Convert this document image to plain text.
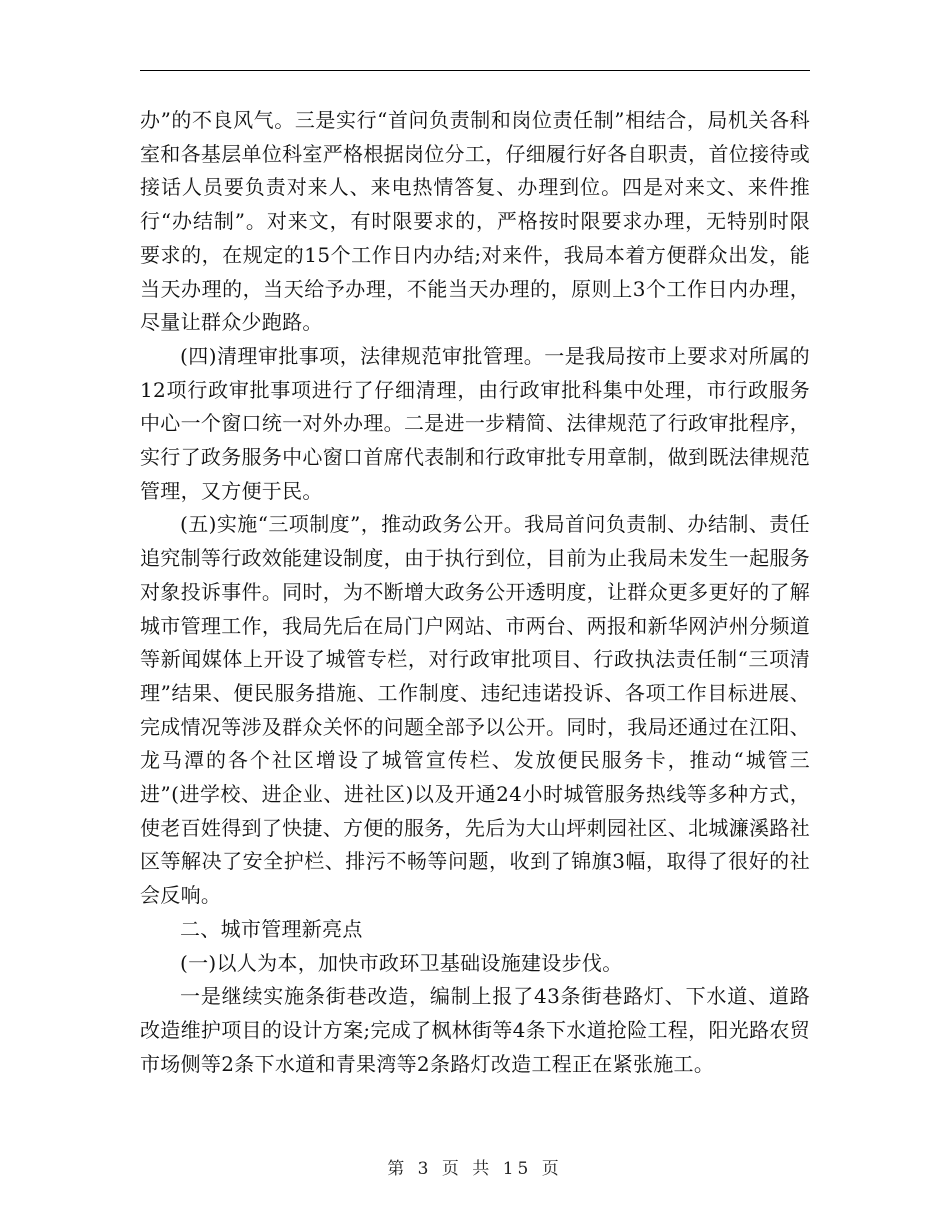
办”的不良风气。三是实行“首问负责制和岗位责任制”相结合，局机关各科室和各基层单位科室严格根据岗位分工，仔细履行好各自职责，首位接待或接话人员要负责对来人、来电热情答复、办理到位。四是对来文、来件推行“办结制”。对来文，有时限要求的，严格按时限要求办理，无特别时限要求的，在规定的15个工作日内办结;对来件，我局本着方便群众出发，能当天办理的，当天给予办理，不能当天办理的，原则上3个工作日内办理，尽量让群众少跑路。

(四)清理审批事项，法律规范审批管理。一是我局按市上要求对所属的12项行政审批事项进行了仔细清理，由行政审批科集中处理，市行政服务中心一个窗口统一对外办理。二是进一步精简、法律规范了行政审批程序，实行了政务服务中心窗口首席代表制和行政审批专用章制，做到既法律规范管理，又方便于民。

(五)实施“三项制度”，推动政务公开。我局首问负责制、办结制、责任追究制等行政效能建设制度，由于执行到位，目前为止我局未发生一起服务对象投诉事件。同时，为不断增大政务公开透明度，让群众更多更好的了解城市管理工作，我局先后在局门户网站、市两台、两报和新华网泸州分频道等新闻媒体上开设了城管专栏，对行政审批项目、行政执法责任制“三项清理”结果、便民服务措施、工作制度、违纪违诺投诉、各项工作目标进展、完成情况等涉及群众关怀的问题全部予以公开。同时，我局还通过在江阳、龙马潭的各个社区增设了城管宣传栏、发放便民服务卡，推动“城管三进”(进学校、进企业、进社区)以及开通24小时城管服务热线等多种方式，使老百姓得到了快捷、方便的服务，先后为大山坪刺园社区、北城濂溪路社区等解决了安全护栏、排污不畅等问题，收到了锦旗3幅，取得了很好的社会反响。

二、城市管理新亮点

(一)以人为本，加快市政环卫基础设施建设步伐。

一是继续实施条街巷改造，编制上报了43条街巷路灯、下水道、道路改造维护项目的设计方案;完成了枫林街等4条下水道抢险工程，阳光路农贸市场侧等2条下水道和青果湾等2条路灯改造工程正在紧张施工。

第 3 页 共 15 页
